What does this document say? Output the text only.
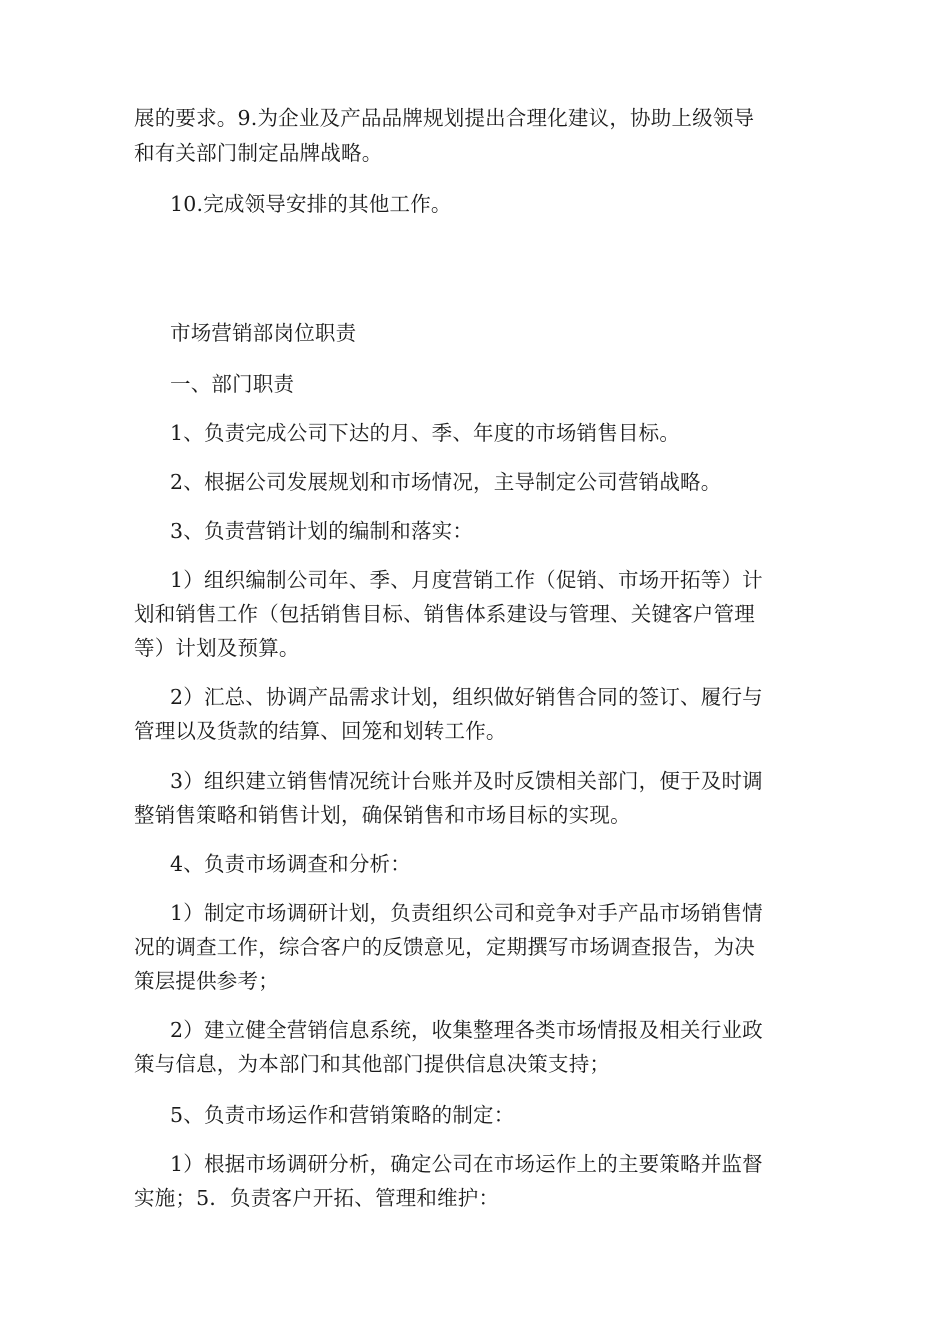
展的要求。9.为企业及产品品牌规划提出合理化建议，协助上级领导
和有关部门制定品牌战略。
10.完成领导安排的其他工作。
市场营销部岗位职责
一、部门职责
1、负责完成公司下达的月、季、年度的市场销售目标。
2、根据公司发展规划和市场情况，主导制定公司营销战略。
3、负责营销计划的编制和落实：
1）组织编制公司年、季、月度营销工作（促销、市场开拓等）计
划和销售工作（包括销售目标、销售体系建设与管理、关键客户管理
等）计划及预算。
2）汇总、协调产品需求计划，组织做好销售合同的签订、履行与
管理以及货款的结算、回笼和划转工作。
3）组织建立销售情况统计台账并及时反馈相关部门，便于及时调
整销售策略和销售计划，确保销售和市场目标的实现。
4、负责市场调查和分析：
1）制定市场调研计划，负责组织公司和竞争对手产品市场销售情
况的调查工作，综合客户的反馈意见，定期撰写市场调查报告，为决
策层提供参考；
2）建立健全营销信息系统，收集整理各类市场情报及相关行业政
策与信息，为本部门和其他部门提供信息决策支持；
5、负责市场运作和营销策略的制定：
1）根据市场调研分析，确定公司在市场运作上的主要策略并监督
实施；5．负责客户开拓、管理和维护：
